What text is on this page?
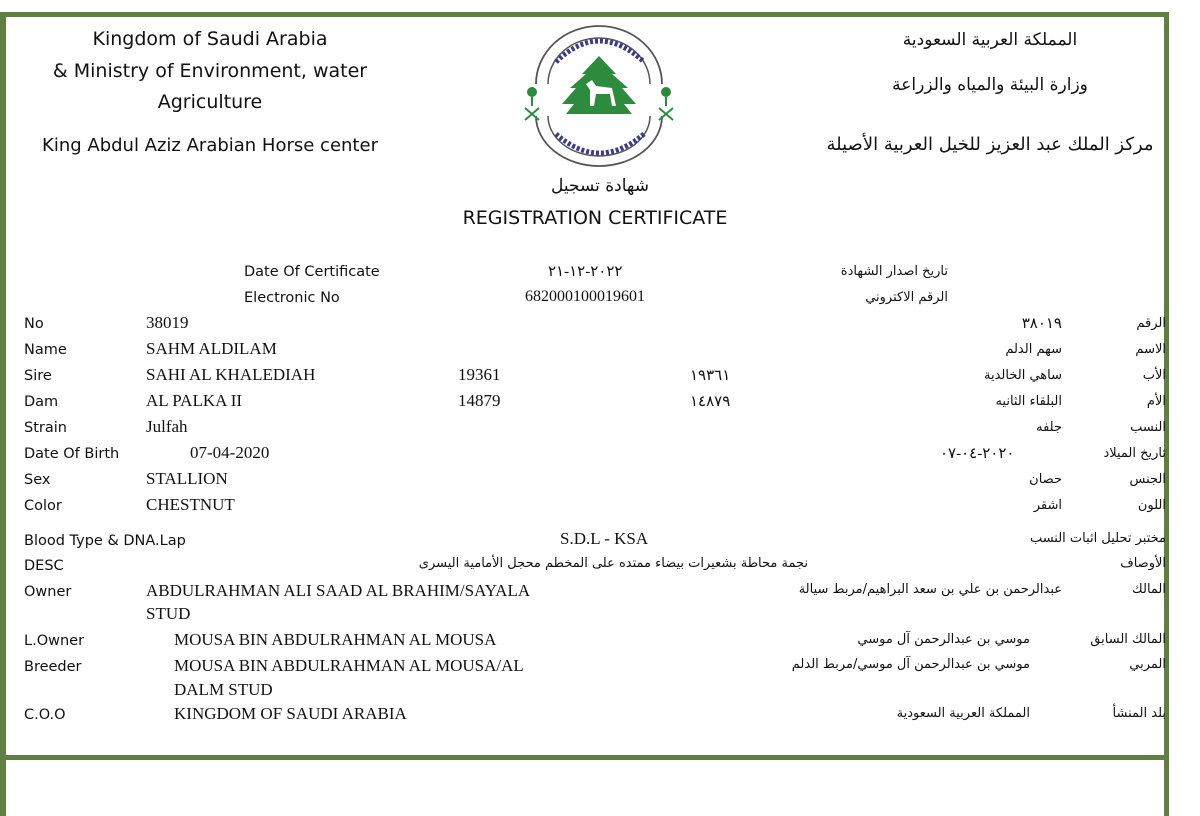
Kingdom of Saudi Arabia
& Ministry of Environment, water
Agriculture
King Abdul Aziz Arabian Horse center
المملكة العربية السعودية
وزارة البيئة والمياه والزراعة
مركز الملك عبد العزيز للخيل العربية الأصيلة
شهادة تسجيل
REGISTRATION CERTIFICATE
Date Of Certificate	٢٠٢٢-١٢-٢١	تاريخ اصدار الشهادة
Electronic No	682000100019601	الرقم الاكتروني
No	38019	٣٨٠١٩	الرقم
Name	SAHM ALDILAM	سهم الدلم	الاسم
Sire	SAHI AL KHALEDIAH	19361	١٩٣٦١	ساهي الخالدية	الأب
Dam	AL PALKA II	14879	١٤٨٧٩	البلقاء الثانيه	الأم
Strain	Julfah	جلفه	النسب
Date Of Birth	07-04-2020	٢٠٢٠-٠٤-٠٧	تاريخ الميلاد
Sex	STALLION	حصان	الجنس
Color	CHESTNUT	اشقر	اللون
Blood Type & DNA.Lap	S.D.L - KSA	مختبر تحليل اثبات النسب
DESC	نجمة محاطة بشعيرات بيضاء ممتده على المخطم محجل الأمامية اليسرى	الأوصاف
Owner	ABDULRAHMAN ALI SAAD AL BRAHIM/SAYALA
STUD
عبدالرحمن بن علي بن سعد البراهيم/مربط سيالة	المالك
L.Owner	MOUSA BIN ABDULRAHMAN AL MOUSA	موسي بن عبدالرحمن آل موسي	المالك السابق
Breeder	MOUSA BIN ABDULRAHMAN AL MOUSA/AL
DALM STUD
موسي بن عبدالرحمن آل موسي/مربط الدلم	المربي
C.O.O	KINGDOM OF SAUDI ARABIA	المملكة العربية السعودية	بلد المنشأ
